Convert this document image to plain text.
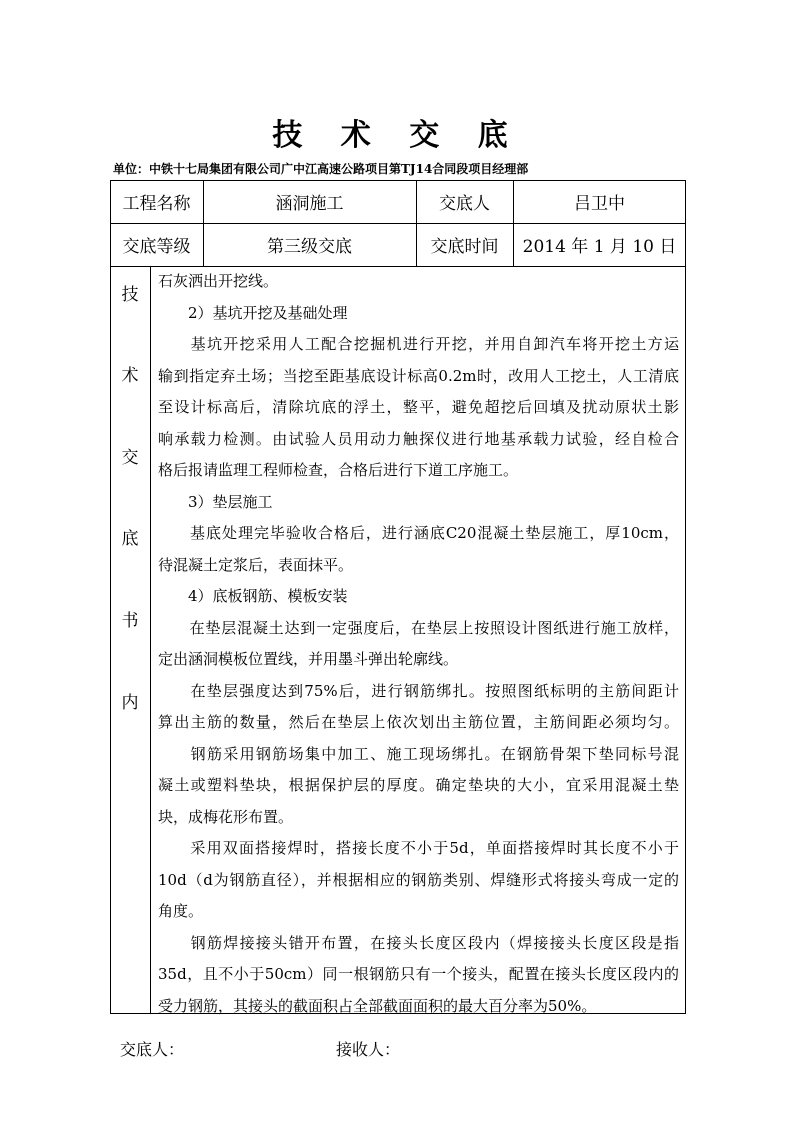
技 术 交 底
单位：中铁十七局集团有限公司广中江高速公路项目第TJ14合同段项目经理部
工程名称	涵洞施工	交底人	吕卫中
交底等级	第三级交底	交底时间	2014 年 1 月 10 日
技
术
交
底
书
内
石灰洒出开挖线。
　　2）基坑开挖及基础处理
　　基坑开挖采用人工配合挖掘机进行开挖，并用自卸汽车将开挖土方运
输到指定弃土场；当挖至距基底设计标高0.2m时，改用人工挖土，人工清底
至设计标高后，清除坑底的浮土，整平，避免超挖后回填及扰动原状土影
响承载力检测。由试验人员用动力触探仪进行地基承载力试验，经自检合
格后报请监理工程师检查，合格后进行下道工序施工。
　　3）垫层施工
　　基底处理完毕验收合格后，进行涵底C20混凝土垫层施工，厚10cm，
待混凝土定浆后，表面抹平。
　　4）底板钢筋、模板安装
　　在垫层混凝土达到一定强度后，在垫层上按照设计图纸进行施工放样，
定出涵洞模板位置线，并用墨斗弹出轮廓线。
　　在垫层强度达到75%后，进行钢筋绑扎。按照图纸标明的主筋间距计
算出主筋的数量，然后在垫层上依次划出主筋位置，主筋间距必须均匀。
　　钢筋采用钢筋场集中加工、施工现场绑扎。在钢筋骨架下垫同标号混
凝土或塑料垫块，根据保护层的厚度。确定垫块的大小，宜采用混凝土垫
块，成梅花形布置。
　　采用双面搭接焊时，搭接长度不小于5d，单面搭接焊时其长度不小于
10d（d为钢筋直径），并根据相应的钢筋类别、焊缝形式将接头弯成一定的
角度。
　　钢筋焊接接头错开布置，在接头长度区段内（焊接接头长度区段是指
35d，且不小于50cm）同一根钢筋只有一个接头，配置在接头长度区段内的
受力钢筋，其接头的截面积占全部截面面积的最大百分率为50%。
交底人：	接收人：
